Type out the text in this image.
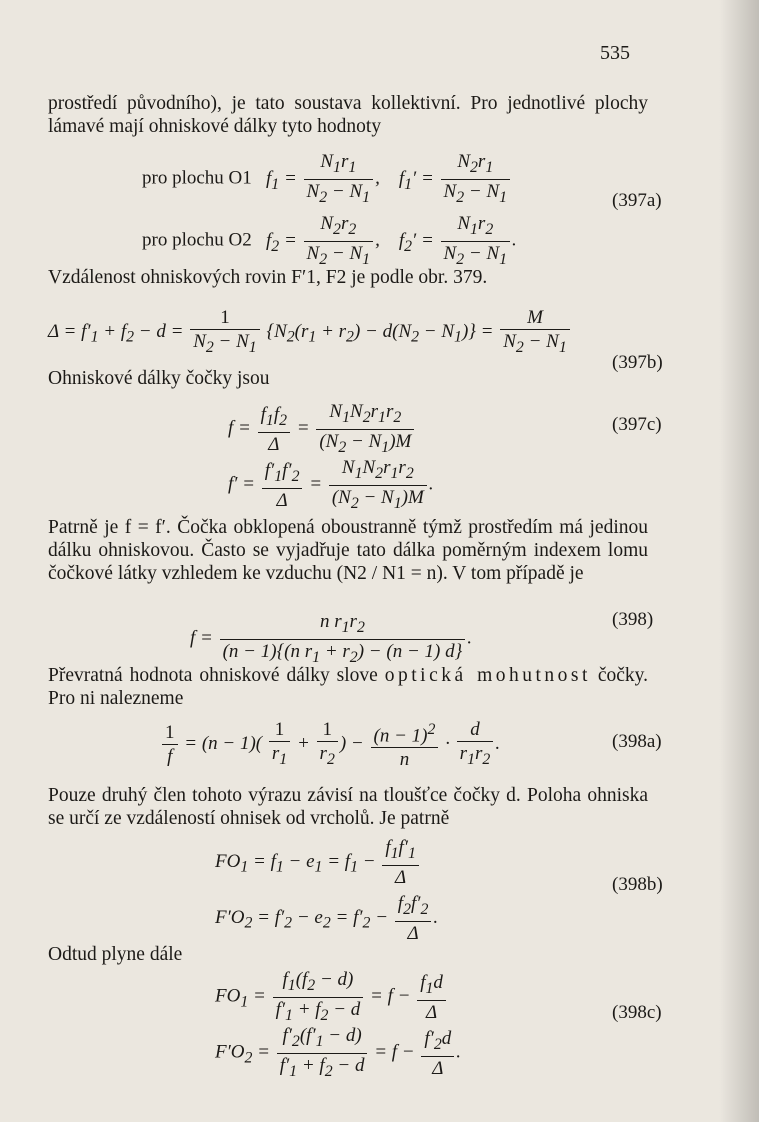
535
prostředí původního), je tato soustava kollektivní. Pro jednotlivé plochy lámavé mají ohniskové dálky tyto hodnoty
pro plochu O1 $f_1 = \frac{N_1r_1}{N_2 - N_1}$ ,    $f_1' = \frac{N_2r_1}{N_2 - N_1}$
pro plochu O2 $f_2 = \frac{N_2r_2}{N_2 - N_1}$ ,    $f_2' = \frac{N_1r_2}{N_2 - N_1}$ .
(397a)
Vzdálenost ohniskových rovin F′1, F2 je podle obr. 379.
$\Delta = f'_1 + f_2 - d = \frac{1}{N_2 - N_1} \{N_2(r_1 + r_2) - d(N_2 - N_1)\} = \frac{M}{N_2 - N_1}$
(397b)
Ohniskové dálky čočky jsou
$f = \frac{f_1f_2}{\Delta} = \frac{N_1N_2r_1r_2}{(N_2 - N_1)M}$
$f' = \frac{f'_1f'_2}{\Delta} = \frac{N_1N_2r_1r_2}{(N_2 - N_1)M}$ .
(397c)
Patrně je f = f′. Čočka obklopená oboustranně týmž prostředím má jedinou dálku ohniskovou. Často se vyjadřuje tato dálka poměrným indexem lomu čočkové látky vzhledem ke vzduchu (N2 / N1 = n). V tom případě je
$f = \frac{n r_1r_2}{(n - 1)\{(n r_1 + r_2) - (n - 1) d\}}$ .
(398)
Převratná hodnota ohniskové dálky slove optická mohutnost čočky. Pro ni nalezneme
$\frac{1}{f} = (n - 1)( \frac{1}{r_1} + \frac{1}{r_2}$ ) − $\frac{(n - 1)^2}{n} \cdot \frac{d}{r_1r_2}$ .	(398a)
Pouze druhý člen tohoto výrazu závisí na tloušťce čočky d. Poloha ohniska se určí ze vzdáleností ohnisek od vrcholů. Je patrně
$FO_1 = f_1 - e_1 = f_1 - \frac{f_1f'_1}{\Delta}$
$F'O_2 = f'_2 - e_2 = f'_2 - \frac{f_2f'_2}{\Delta}$ .
(398b)
Odtud plyne dále
$FO_1 = \frac{f_1(f_2 - d)}{f'_1 + f_2 - d} = f - \frac{f_1d}{\Delta}$
$F'O_2 = \frac{f'_2(f'_1 - d)}{f'_1 + f_2 - d} = f - \frac{f'_2d}{\Delta}$ .
(398c)
